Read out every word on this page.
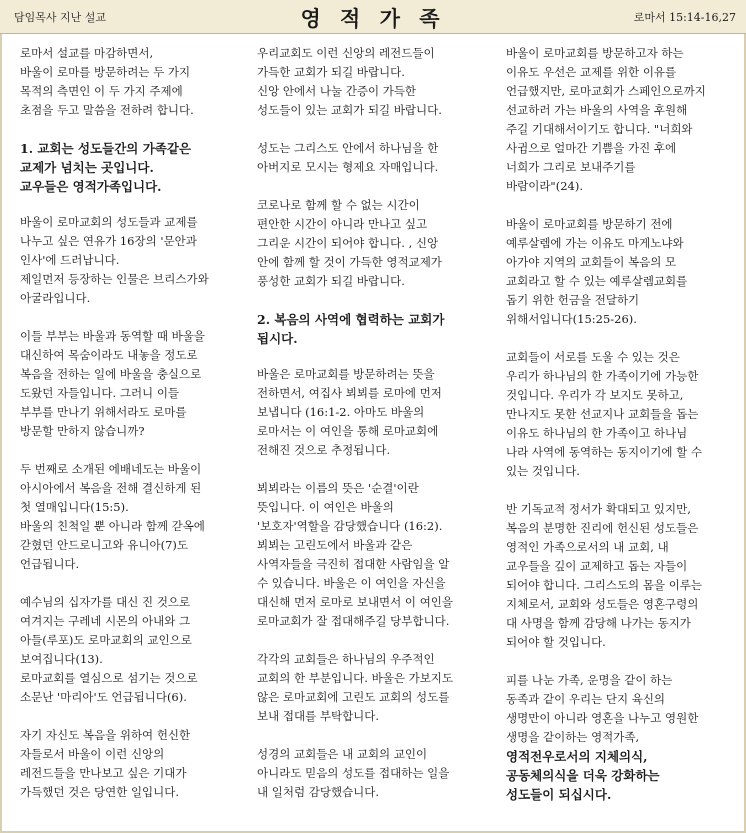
담임목사 지난 설교	영 적 가 족	로마서 15:14-16,27
로마서 설교를 마감하면서,
바울이 로마를 방문하려는 두 가지
목적의 측면인 이 두 가지 주제에
초점을 두고 말씀을 전하려 합니다.
1. 교회는 성도들간의 가족같은
교제가 넘치는 곳입니다.
교우들은 영적가족입니다.
바울이 로마교회의 성도들과 교제를
나누고 싶은 연유가 16장의 '문안과
인사'에 드러납니다.
제일먼저 등장하는 인물은 브리스가와
아굴라입니다.
이들 부부는 바울과 동역할 때 바울을
대신하여 목숨이라도 내놓을 정도로
복음을 전하는 일에 바울을 충실으로
도왔던 자들입니다. 그러니 이들
부부를 만나기 위해서라도 로마를
방문할 만하지 않습니까?
두 번째로 소개된 에배네도는 바울이
아시아에서 복음을 전해 결신하게 된
첫 열매입니다(15:5).
바울의 친척일 뿐 아니라 함께 갇옥에
갇혔던 안드로니고와 유니아(7)도
언급됩니다.
예수님의 십자가를 대신 진 것으로
여겨지는 구레네 시몬의 아내와 그
아들(루포)도 로마교회의 교인으로
보여집니다(13).
로마교회를 열심으로 섬기는 것으로
소문난 '마리아'도 언급됩니다(6).
자기 자신도 복음을 위하여 헌신한
자들로서 바울이 이런 신앙의
레전드들을 만나보고 싶은 기대가
가득했던 것은 당연한 일입니다.
우리교회도 이런 신앙의 레전드들이
가득한 교회가 되길 바랍니다.
신앙 안에서 나눌 간증이 가득한
성도들이 있는 교회가 되길 바랍니다.
성도는 그리스도 안에서 하나님을 한
아버지로 모시는 형제요 자매입니다.
코로나로 함께 할 수 없는 시간이
편안한 시간이 아니라 만나고 싶고
그리운 시간이 되어야 합니다. , 신앙
안에 함께 할 것이 가득한 영적교제가
풍성한 교회가 되길 바랍니다.
2. 복음의 사역에 협력하는 교회가
됩시다.
바울은 로마교회를 방문하려는 뜻을
전하면서, 여집사 뵈뵈를 로마에 먼저
보냅니다 (16:1-2. 아마도 바울의
로마서는 이 여인을 통해 로마교회에
전해진 것으로 추정됩니다.
뵈뵈라는 이름의 뜻은 '순결'이란
뜻입니다. 이 여인은 바울의
'보호자'역할을 감당했습니다 (16:2).
뵈뵈는 고린도에서 바울과 같은
사역자들을 극진히 접대한 사람임을 알
수 있습니다. 바울은 이 여인을 자신을
대신해 먼저 로마로 보내면서 이 여인을
로마교회가 잘 접대해주길 당부합니다.
각각의 교회들은 하나님의 우주적인
교회의 한 부분입니다. 바울은 가보지도
않은 로마교회에 고린도 교회의 성도를
보내 접대를 부탁합니다.
성경의 교회들은 내 교회의 교인이
아니라도 믿음의 성도를 접대하는 일을
내 일처럼 감당했습니다.
바울이 로마교회를 방문하고자 하는
이유도 우선은 교제를 위한 이유를
언급했지만, 로마교회가 스페인으로까지
선교하러 가는 바울의 사역을 후원해
주길 기대해서이기도 합니다. "너희와
사귐으로 얼마간 기쁨을 가진 후에
너희가 그리로 보내주기를
바람이라"(24).
바울이 로마교회를 방문하기 전에
예루살렘에 가는 이유도 마게노냐와
아가야 지역의 교회들이 복음의 모
교회라고 할 수 있는 예루살렘교회를
돕기 위한 헌금을 전달하기
위해서입니다(15:25-26).
교회들이 서로를 도울 수 있는 것은
우리가 하나님의 한 가족이기에 가능한
것입니다. 우리가 각 보지도 못하고,
만나지도 못한 선교지나 교회들을 돕는
이유도 하나님의 한 가족이고 하나님
나라 사역에 동역하는 동지이기에 할 수
있는 것입니다.
반 기독교적 정서가 확대되고 있지만,
복음의 분명한 진리에 헌신된 성도들은
영적인 가족으로서의 내 교회, 내
교우들을 깊이 교제하고 돕는 자들이
되어야 합니다. 그리스도의 몸을 이루는
지체로서, 교회와 성도들은 영혼구령의
대 사명을 함께 감당해 나가는 동지가
되어야 할 것입니다.
피를 나눈 가족, 운명을 같이 하는
동족과 같이 우리는 단지 육신의
생명만이 아니라 영혼을 나누고 영원한
생명을 같이하는 영적가족,
영적전우로서의 지체의식,
공동체의식을 더욱 강화하는
성도들이 되십시다.
